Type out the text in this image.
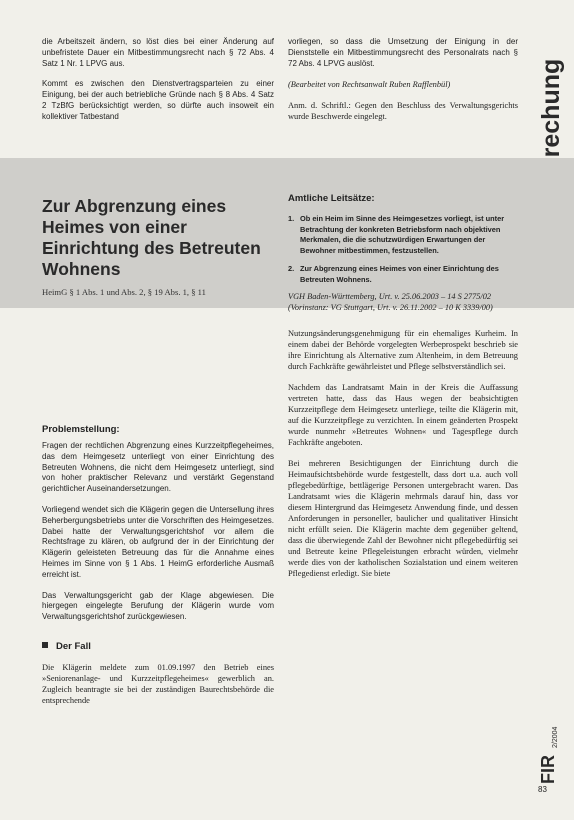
die Arbeitszeit ändern, so löst dies bei einer Änderung auf unbefristete Dauer ein Mitbestimmungsrecht nach § 72 Abs. 4 Satz 1 Nr. 1 LPVG aus.

Kommt es zwischen den Dienstvertragsparteien zu einer Einigung, bei der auch betriebliche Gründe nach § 8 Abs. 4 Satz 2 TzBfG berücksichtigt werden, so dürfte auch insoweit ein kollektiver Tatbestand

vorliegen, so dass die Umsetzung der Einigung in der Dienststelle ein Mitbestimmungsrecht des Personalrats nach § 72 Abs. 4 LPVG auslöst.

(Bearbeitet von Rechtsanwalt Ruben Rafflenbül)

Anm. d. Schriftl.: Gegen den Beschluss des Verwaltungsgerichts wurde Beschwerde eingelegt.

Zur Abgrenzung eines Heimes von einer Einrichtung des Betreuten Wohnens
HeimG § 1 Abs. 1 und Abs. 2, § 19 Abs. 1, § 11
Amtliche Leitsätze:
1. Ob ein Heim im Sinne des Heimgesetzes vorliegt, ist unter Betrachtung der konkreten Betriebsform nach objektiven Merkmalen, die die schutzwürdigen Erwartungen der Bewohner mitbestimmen, festzustellen.
2. Zur Abgrenzung eines Heimes von einer Einrichtung des Betreuten Wohnens.
VGH Baden-Württemberg, Urt. v. 25.06.2003 – 14 S 2775/02 (Vorinstanz: VG Stuttgart, Urt. v. 26.11.2002 – 10 K 3339/00)
Problemstellung:

Fragen der rechtlichen Abgrenzung eines Kurzzeitpflegeheimes, das dem Heimgesetz unterliegt von einer Einrichtung des Betreuten Wohnens, die nicht dem Heimgesetz unterliegt, sind von hoher praktischer Relevanz und verstärkt Gegenstand gerichtlicher Auseinandersetzungen.

Vorliegend wendet sich die Klägerin gegen die Untersellung ihres Beherbergungsbetriebs unter die Vorschriften des Heimgesetzes. Dabei hatte der Verwaltungsgerichtshof vor allem die Rechtsfrage zu klären, ob aufgrund der in der Einrichtung der Klägerin geleisteten Betreuung das für die Annahme eines Heimes im Sinne von § 1 Abs. 1 HeimG erforderliche Ausmaß erreicht ist.

Das Verwaltungsgericht gab der Klage abgewiesen. Die hiergegen eingelegte Berufung der Klägerin wurde vom Verwaltungsgerichtshof zurückgewiesen.

Der Fall

Die Klägerin meldete zum 01.09.1997 den Betrieb eines »Seniorenanlage- und Kurzzeitpflegeheimes« gewerblich an. Zugleich beantragte sie bei der zuständigen Baurechtsbehörde die entsprechende

Nutzungsänderungsgenehmigung für ein ehemaliges Kurheim. In einem dabei der Behörde vorgelegten Werbeprospekt beschrieb sie ihre Einrichtung als Alternative zum Altenheim, in dem Betreuung durch Fachkräfte gewährleistet und Pflege selbstverständlich sei.

Nachdem das Landratsamt Main in der Kreis die Auffassung vertreten hatte, dass das Haus wegen der beabsichtigten Kurzzeitpflege dem Heimgesetz unterliege, teilte die Klägerin mit, auf die Kurzzeitpflege zu verzichten. In einem geänderten Prospekt wurde nunmehr »Betreutes Wohnen« und Tagespflege durch Fachkräfte angeboten.

Bei mehreren Besichtigungen der Einrichtung durch die Heimaufsichtsbehörde wurde festgestellt, dass dort u.a. auch voll pflegebedürftige, bettlägerige Personen untergebracht waren. Das Landratsamt wies die Klägerin mehrmals darauf hin, dass vor diesem Hintergrund das Heimgesetz Anwendung finde, und dessen Anforderungen in personeller, baulicher und qualitativer Hinsicht nicht erfüllt seien. Die Klägerin machte dem gegenüber geltend, dass die überwiegende Zahl der Bewohner nicht pflegebedürftig sei und Betreute keine Pflegeleistungen erbracht würden, vielmehr werde dies von der katholischen Sozialstation und einem weiteren Pflegedienst erledigt. Sie biete

FIR
2/2004
83
